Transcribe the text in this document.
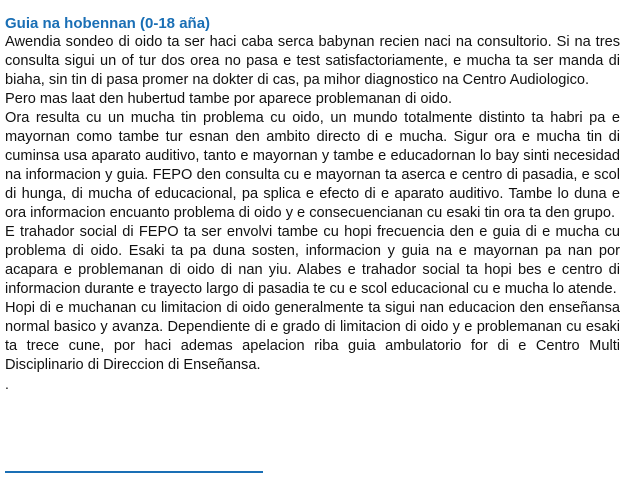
Guia na hobennan (0-18 aña)

Awendia sondeo di oido ta ser haci caba serca babynan recien naci na consultorio. Si na tres consulta sigui un of tur dos orea no pasa e test satisfactoriamente, e mucha ta ser manda di biaha, sin tin di pasa promer na dokter di cas, pa mihor diagnostico na Centro Audiologico.

Pero mas laat den hubertud tambe por aparece problemanan di oido.

Ora resulta cu un mucha tin problema cu oido, un mundo totalmente distinto ta habri pa e mayornan como tambe tur esnan den ambito directo di e mucha. Sigur ora e mucha tin di cuminsa usa aparato auditivo, tanto e mayornan y tambe e educadornan lo bay sinti necesidad na informacion y guia. FEPO den consulta cu e mayornan ta aserca e centro di pasadia, e scol di hunga, di mucha of educacional, pa splica e efecto di e aparato auditivo. Tambe lo duna e ora informacion encuanto problema di oido y e consecuencianan cu esaki tin ora ta den grupo.

E trahador social di FEPO ta ser envolvi tambe cu hopi frecuencia den e guia di e mucha cu problema di oido. Esaki ta pa duna sosten, informacion y guia na e mayornan pa nan por acapara e problemanan di oido di nan yiu. Alabes e trahador social ta hopi bes e centro di informacion durante e trayecto largo di pasadia te cu e scol educacional cu e mucha lo atende.

Hopi di e muchanan cu limitacion di oido generalmente ta sigui nan educacion den enseñansa normal basico y avanza. Dependiente di e grado di limitacion di oido y e problemanan cu esaki ta trece cune, por haci ademas apelacion riba guia ambulatorio for di e Centro Multi Disciplinario di Direccion di Enseñansa.

.
